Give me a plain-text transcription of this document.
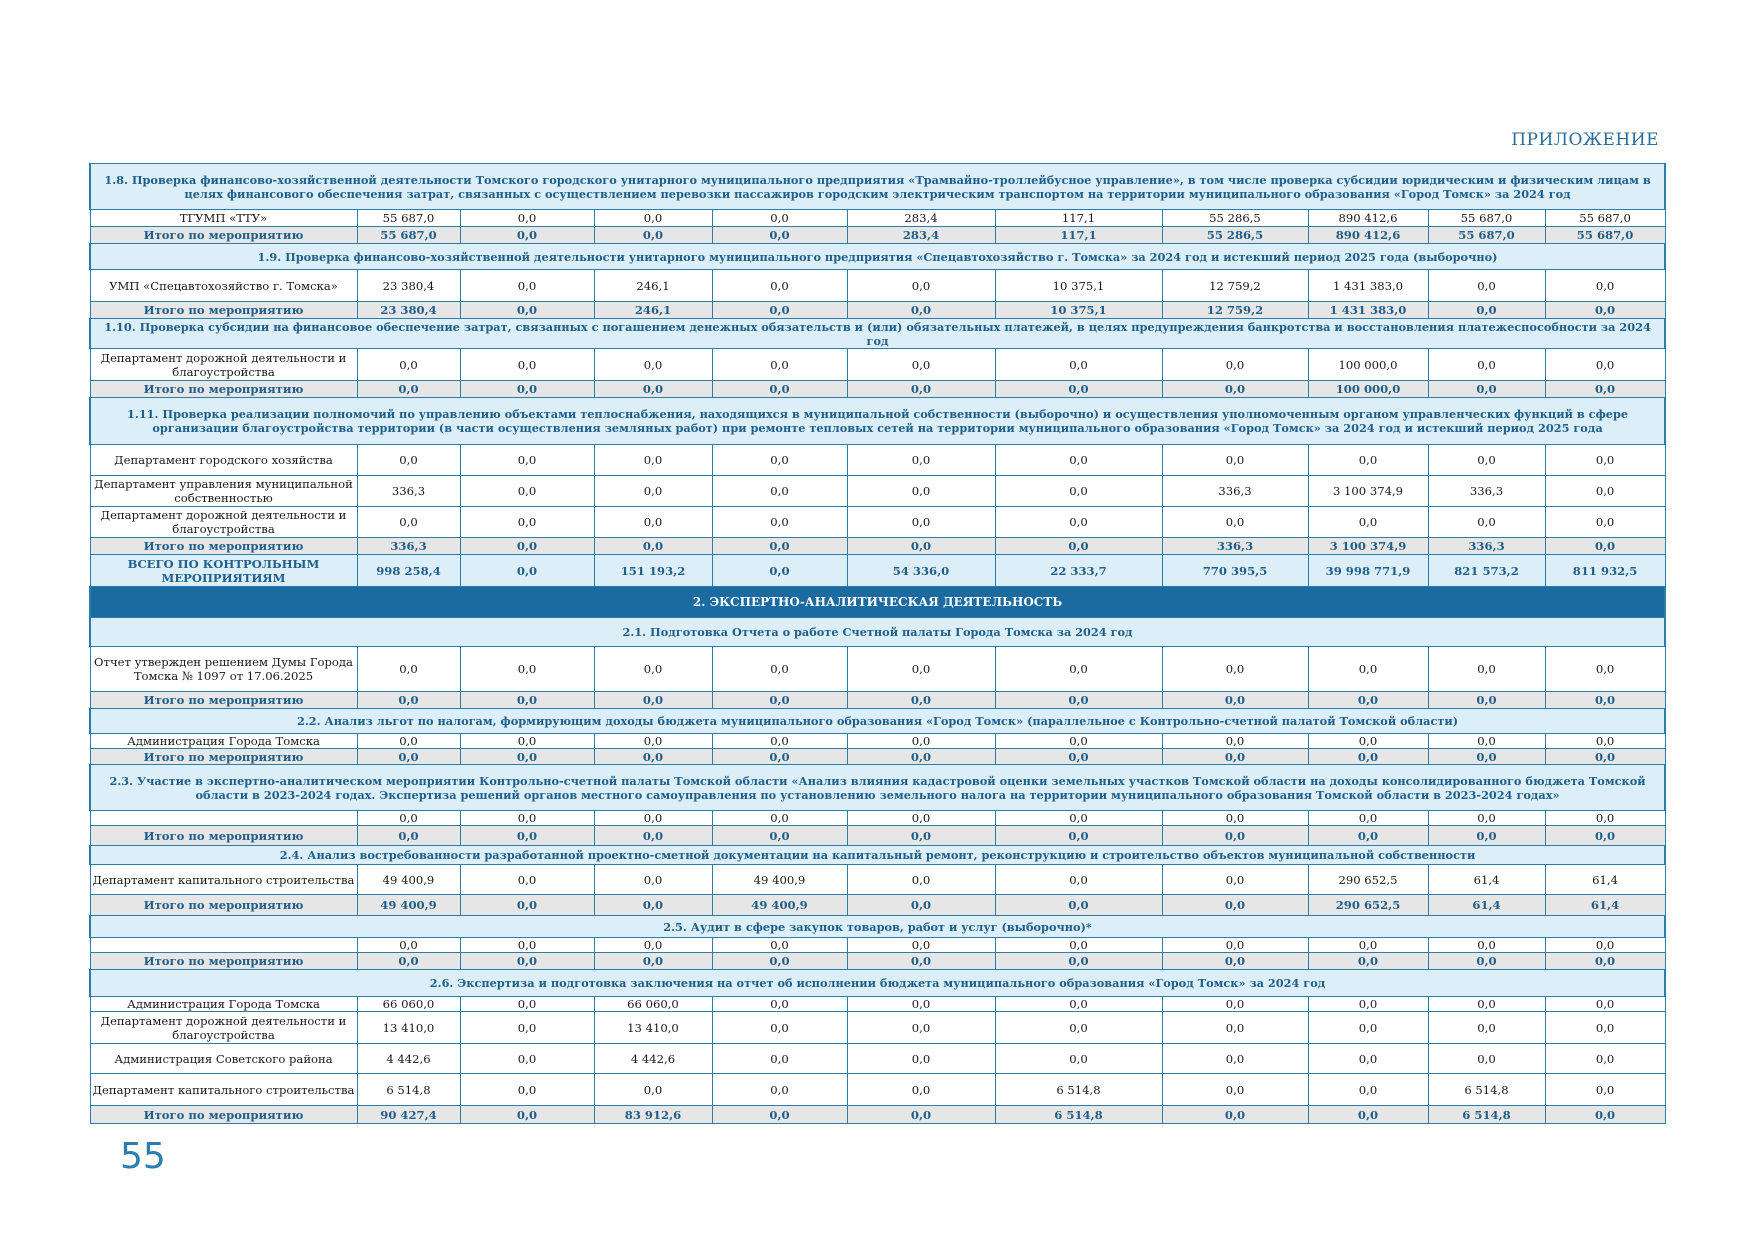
ПРИЛОЖЕНИЕ
1.8. Проверка финансово-хозяйственной деятельности Томского городского унитарного муниципального предприятия «Трамвайно-троллейбусное управление», в том числе проверка субсидии юридическим и физическим лицам в целях финансового обеспечения затрат, связанных с осуществлением перевозки пассажиров городским электрическим транспортом на территории муниципального образования «Город Томск» за 2024 год										
ТГУМП «ТТУ»	55 687,0	0,0	0,0	0,0	283,4	117,1	55 286,5	890 412,6	55 687,0	55 687,0
Итого по мероприятию	55 687,0	0,0	0,0	0,0	283,4	117,1	55 286,5	890 412,6	55 687,0	55 687,0
1.9. Проверка финансово-хозяйственной деятельности унитарного муниципального предприятия «Спецавтохозяйство г. Томска» за 2024 год и истекший период 2025 года (выборочно)										
УМП «Спецавтохозяйство г. Томска»	23 380,4	0,0	246,1	0,0	0,0	10 375,1	12 759,2	1 431 383,0	0,0	0,0
Итого по мероприятию	23 380,4	0,0	246,1	0,0	0,0	10 375,1	12 759,2	1 431 383,0	0,0	0,0
1.10. Проверка субсидии на финансовое обеспечение затрат, связанных с погашением денежных обязательств и (или) обязательных платежей, в целях предупреждения банкротства и восстановления платежеспособности за 2024 год										
Департамент дорожной деятельности и благоустройства	0,0	0,0	0,0	0,0	0,0	0,0	0,0	100 000,0	0,0	0,0
Итого по мероприятию	0,0	0,0	0,0	0,0	0,0	0,0	0,0	100 000,0	0,0	0,0
1.11. Проверка реализации полномочий по управлению объектами теплоснабжения, находящихся в муниципальной собственности (выборочно) и осуществления уполномоченным органом управленческих функций в сфере организации благоустройства территории (в части осуществления земляных работ) при ремонте тепловых сетей на территории муниципального образования «Город Томск» за 2024 год и истекший период 2025 года										
Департамент городского хозяйства	0,0	0,0	0,0	0,0	0,0	0,0	0,0	0,0	0,0	0,0
Департамент управления муниципальной собственностью	336,3	0,0	0,0	0,0	0,0	0,0	336,3	3 100 374,9	336,3	0,0
Департамент дорожной деятельности и благоустройства	0,0	0,0	0,0	0,0	0,0	0,0	0,0	0,0	0,0	0,0
Итого по мероприятию	336,3	0,0	0,0	0,0	0,0	0,0	336,3	3 100 374,9	336,3	0,0
ВСЕГО ПО КОНТРОЛЬНЫМ МЕРОПРИЯТИЯМ	998 258,4	0,0	151 193,2	0,0	54 336,0	22 333,7	770 395,5	39 998 771,9	821 573,2	811 932,5
2. ЭКСПЕРТНО-АНАЛИТИЧЕСКАЯ ДЕЯТЕЛЬНОСТЬ										
2.1. Подготовка Отчета о работе Счетной палаты Города Томска за 2024 год										
Отчет утвержден решением Думы Города Томска № 1097 от 17.06.2025	0,0	0,0	0,0	0,0	0,0	0,0	0,0	0,0	0,0	0,0
Итого по мероприятию	0,0	0,0	0,0	0,0	0,0	0,0	0,0	0,0	0,0	0,0
2.2. Анализ льгот по налогам, формирующим доходы бюджета муниципального образования «Город Томск» (параллельное с Контрольно-счетной палатой Томской области)										
Администрация Города Томска	0,0	0,0	0,0	0,0	0,0	0,0	0,0	0,0	0,0	0,0
Итого по мероприятию	0,0	0,0	0,0	0,0	0,0	0,0	0,0	0,0	0,0	0,0
2.3. Участие в экспертно-аналитическом мероприятии Контрольно-счетной палаты Томской области «Анализ влияния кадастровой оценки земельных участков Томской области на доходы консолидированного бюджета Томской области в 2023-2024 годах. Экспертиза решений органов местного самоуправления по установлению земельного налога на территории муниципального образования Томской области в 2023-2024 годах»										
	0,0	0,0	0,0	0,0	0,0	0,0	0,0	0,0	0,0	0,0
Итого по мероприятию	0,0	0,0	0,0	0,0	0,0	0,0	0,0	0,0	0,0	0,0
2.4. Анализ востребованности разработанной проектно-сметной документации на капитальный ремонт, реконструкцию и строительство объектов муниципальной собственности										
Департамент капитального строительства	49 400,9	0,0	0,0	49 400,9	0,0	0,0	0,0	290 652,5	61,4	61,4
Итого по мероприятию	49 400,9	0,0	0,0	49 400,9	0,0	0,0	0,0	290 652,5	61,4	61,4
2.5. Аудит в сфере закупок товаров, работ и услуг (выборочно)*										
	0,0	0,0	0,0	0,0	0,0	0,0	0,0	0,0	0,0	0,0
Итого по мероприятию	0,0	0,0	0,0	0,0	0,0	0,0	0,0	0,0	0,0	0,0
2.6. Экспертиза и подготовка заключения на отчет об исполнении бюджета муниципального образования «Город Томск» за 2024 год										
Администрация Города Томска	66 060,0	0,0	66 060,0	0,0	0,0	0,0	0,0	0,0	0,0	0,0
Департамент дорожной деятельности и благоустройства	13 410,0	0,0	13 410,0	0,0	0,0	0,0	0,0	0,0	0,0	0,0
Администрация Советского района	4 442,6	0,0	4 442,6	0,0	0,0	0,0	0,0	0,0	0,0	0,0
Департамент капитального строительства	6 514,8	0,0	0,0	0,0	0,0	6 514,8	0,0	0,0	6 514,8	0,0
Итого по мероприятию	90 427,4	0,0	83 912,6	0,0	0,0	6 514,8	0,0	0,0	6 514,8	0,0
55
